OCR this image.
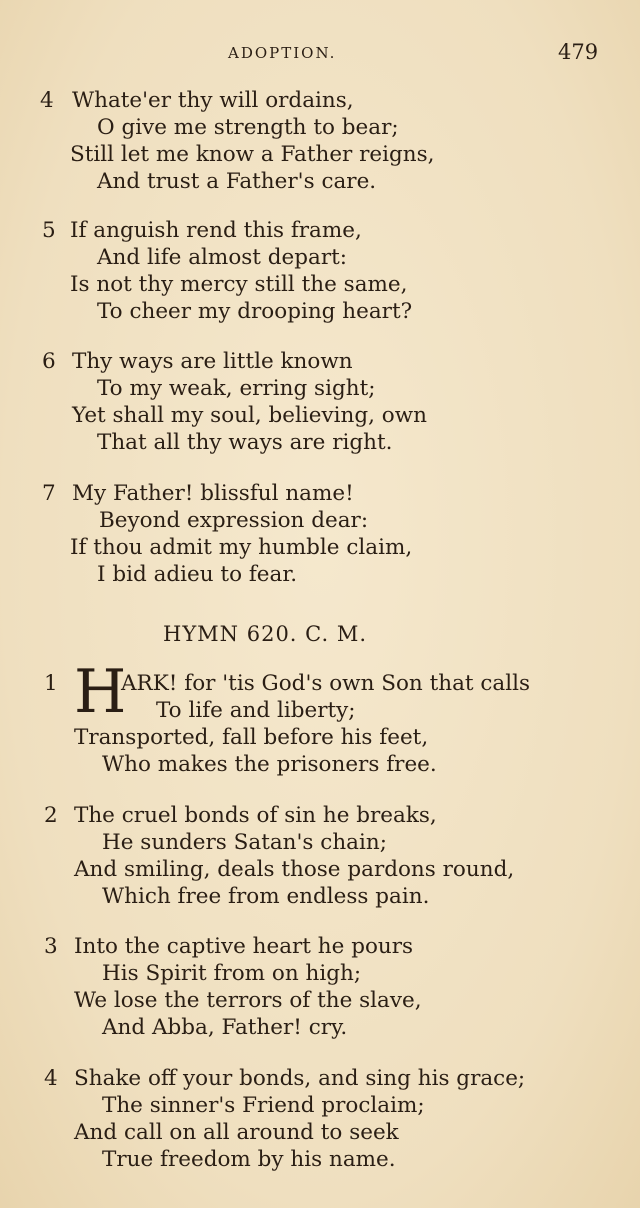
ADOPTION.	479
4 Whate'er thy will ordains,
O give me strength to bear;
Still let me know a Father reigns,
And trust a Father's care.
5 If anguish rend this frame,
And life almost depart:
Is not thy mercy still the same,
To cheer my drooping heart?
6 Thy ways are little known
To my weak, erring sight;
Yet shall my soul, believing, own
That all thy ways are right.
7 My Father! blissful name!
Beyond expression dear:
If thou admit my humble claim,
I bid adieu to fear.
HYMN 620. C. M.
1 H
ARK! for 'tis God's own Son that calls
To life and liberty;
Transported, fall before his feet,
Who makes the prisoners free.
2 The cruel bonds of sin he breaks,
He sunders Satan's chain;
And smiling, deals those pardons round,
Which free from endless pain.
3 Into the captive heart he pours
His Spirit from on high;
We lose the terrors of the slave,
And Abba, Father! cry.
4 Shake off your bonds, and sing his grace;
The sinner's Friend proclaim;
And call on all around to seek
True freedom by his name.
